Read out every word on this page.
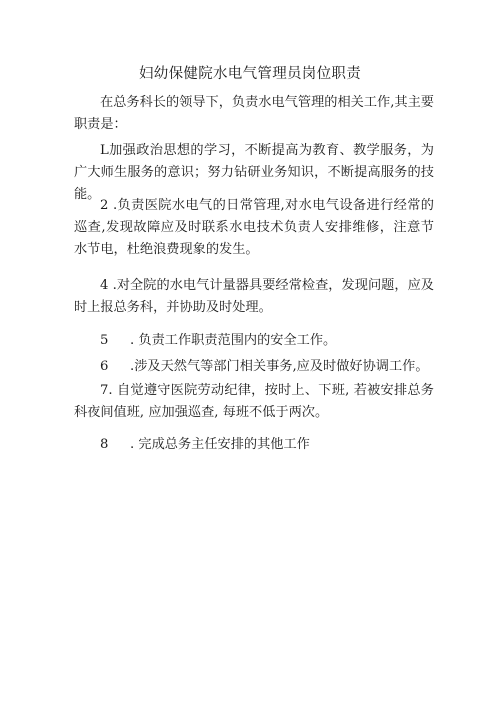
妇幼保健院水电气管理员岗位职责
在总务科长的领导下，负责水电气管理的相关工作,其主要职责是：
L加强政治思想的学习，不断提高为教育、教学服务，为广大师生服务的意识；努力钻研业务知识，不断提高服务的技能。
2 .负责医院水电气的日常管理,对水电气设备进行经常的巡查,发现故障应及时联系水电技术负责人安排维修，注意节水节电，杜绝浪费现象的发生。
4 .对全院的水电气计量器具要经常检查，发现问题，应及时上报总务科，并协助及时处理。
5 . 负责工作职责范围内的安全工作。
6 .涉及天然气等部门相关事务,应及时做好协调工作。
7. 自觉遵守医院劳动纪律，按时上、下班, 若被安排总务科夜间值班, 应加强巡查, 每班不低于两次。
8 . 完成总务主任安排的其他工作
